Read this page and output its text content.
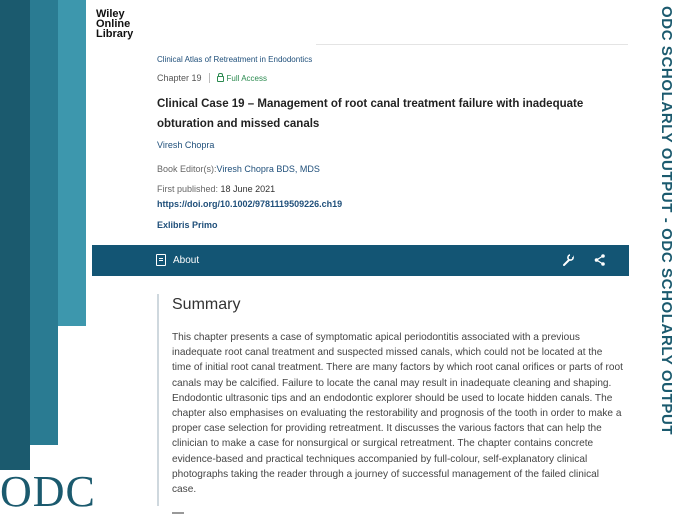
ODC
ODC SCHOLARLY OUTPUT - ODC SCHOLARLY OUTPUT
Wiley
Online
Library
Clinical Atlas of Retreatment in Endodontics
Chapter 19	Full Access
Clinical Case 19 – Management of root canal treatment failure with inadequate obturation and missed canals
Viresh Chopra
Book Editor(s):Viresh Chopra BDS, MDS
First published: 18 June 2021
https://doi.org/10.1002/9781119509226.ch19
Exlibris Primo
About
Summary
This chapter presents a case of symptomatic apical periodontitis associated with a previous inadequate root canal treatment and suspected missed canals, which could not be located at the time of initial root canal treatment. There are many factors by which root canal orifices or parts of root canals may be calcified. Failure to locate the canal may result in inadequate cleaning and shaping. Endodontic ultrasonic tips and an endodontic explorer should be used to locate hidden canals. The chapter also emphasises on evaluating the restorability and prognosis of the tooth in order to make a proper case selection for providing retreatment. It discusses the various factors that can help the clinician to make a case for nonsurgical or surgical retreatment. The chapter contains concrete evidence-based and practical techniques accompanied by full-colour, self-explanatory clinical photographs taking the reader through a journey of successful management of the failed clinical case.
